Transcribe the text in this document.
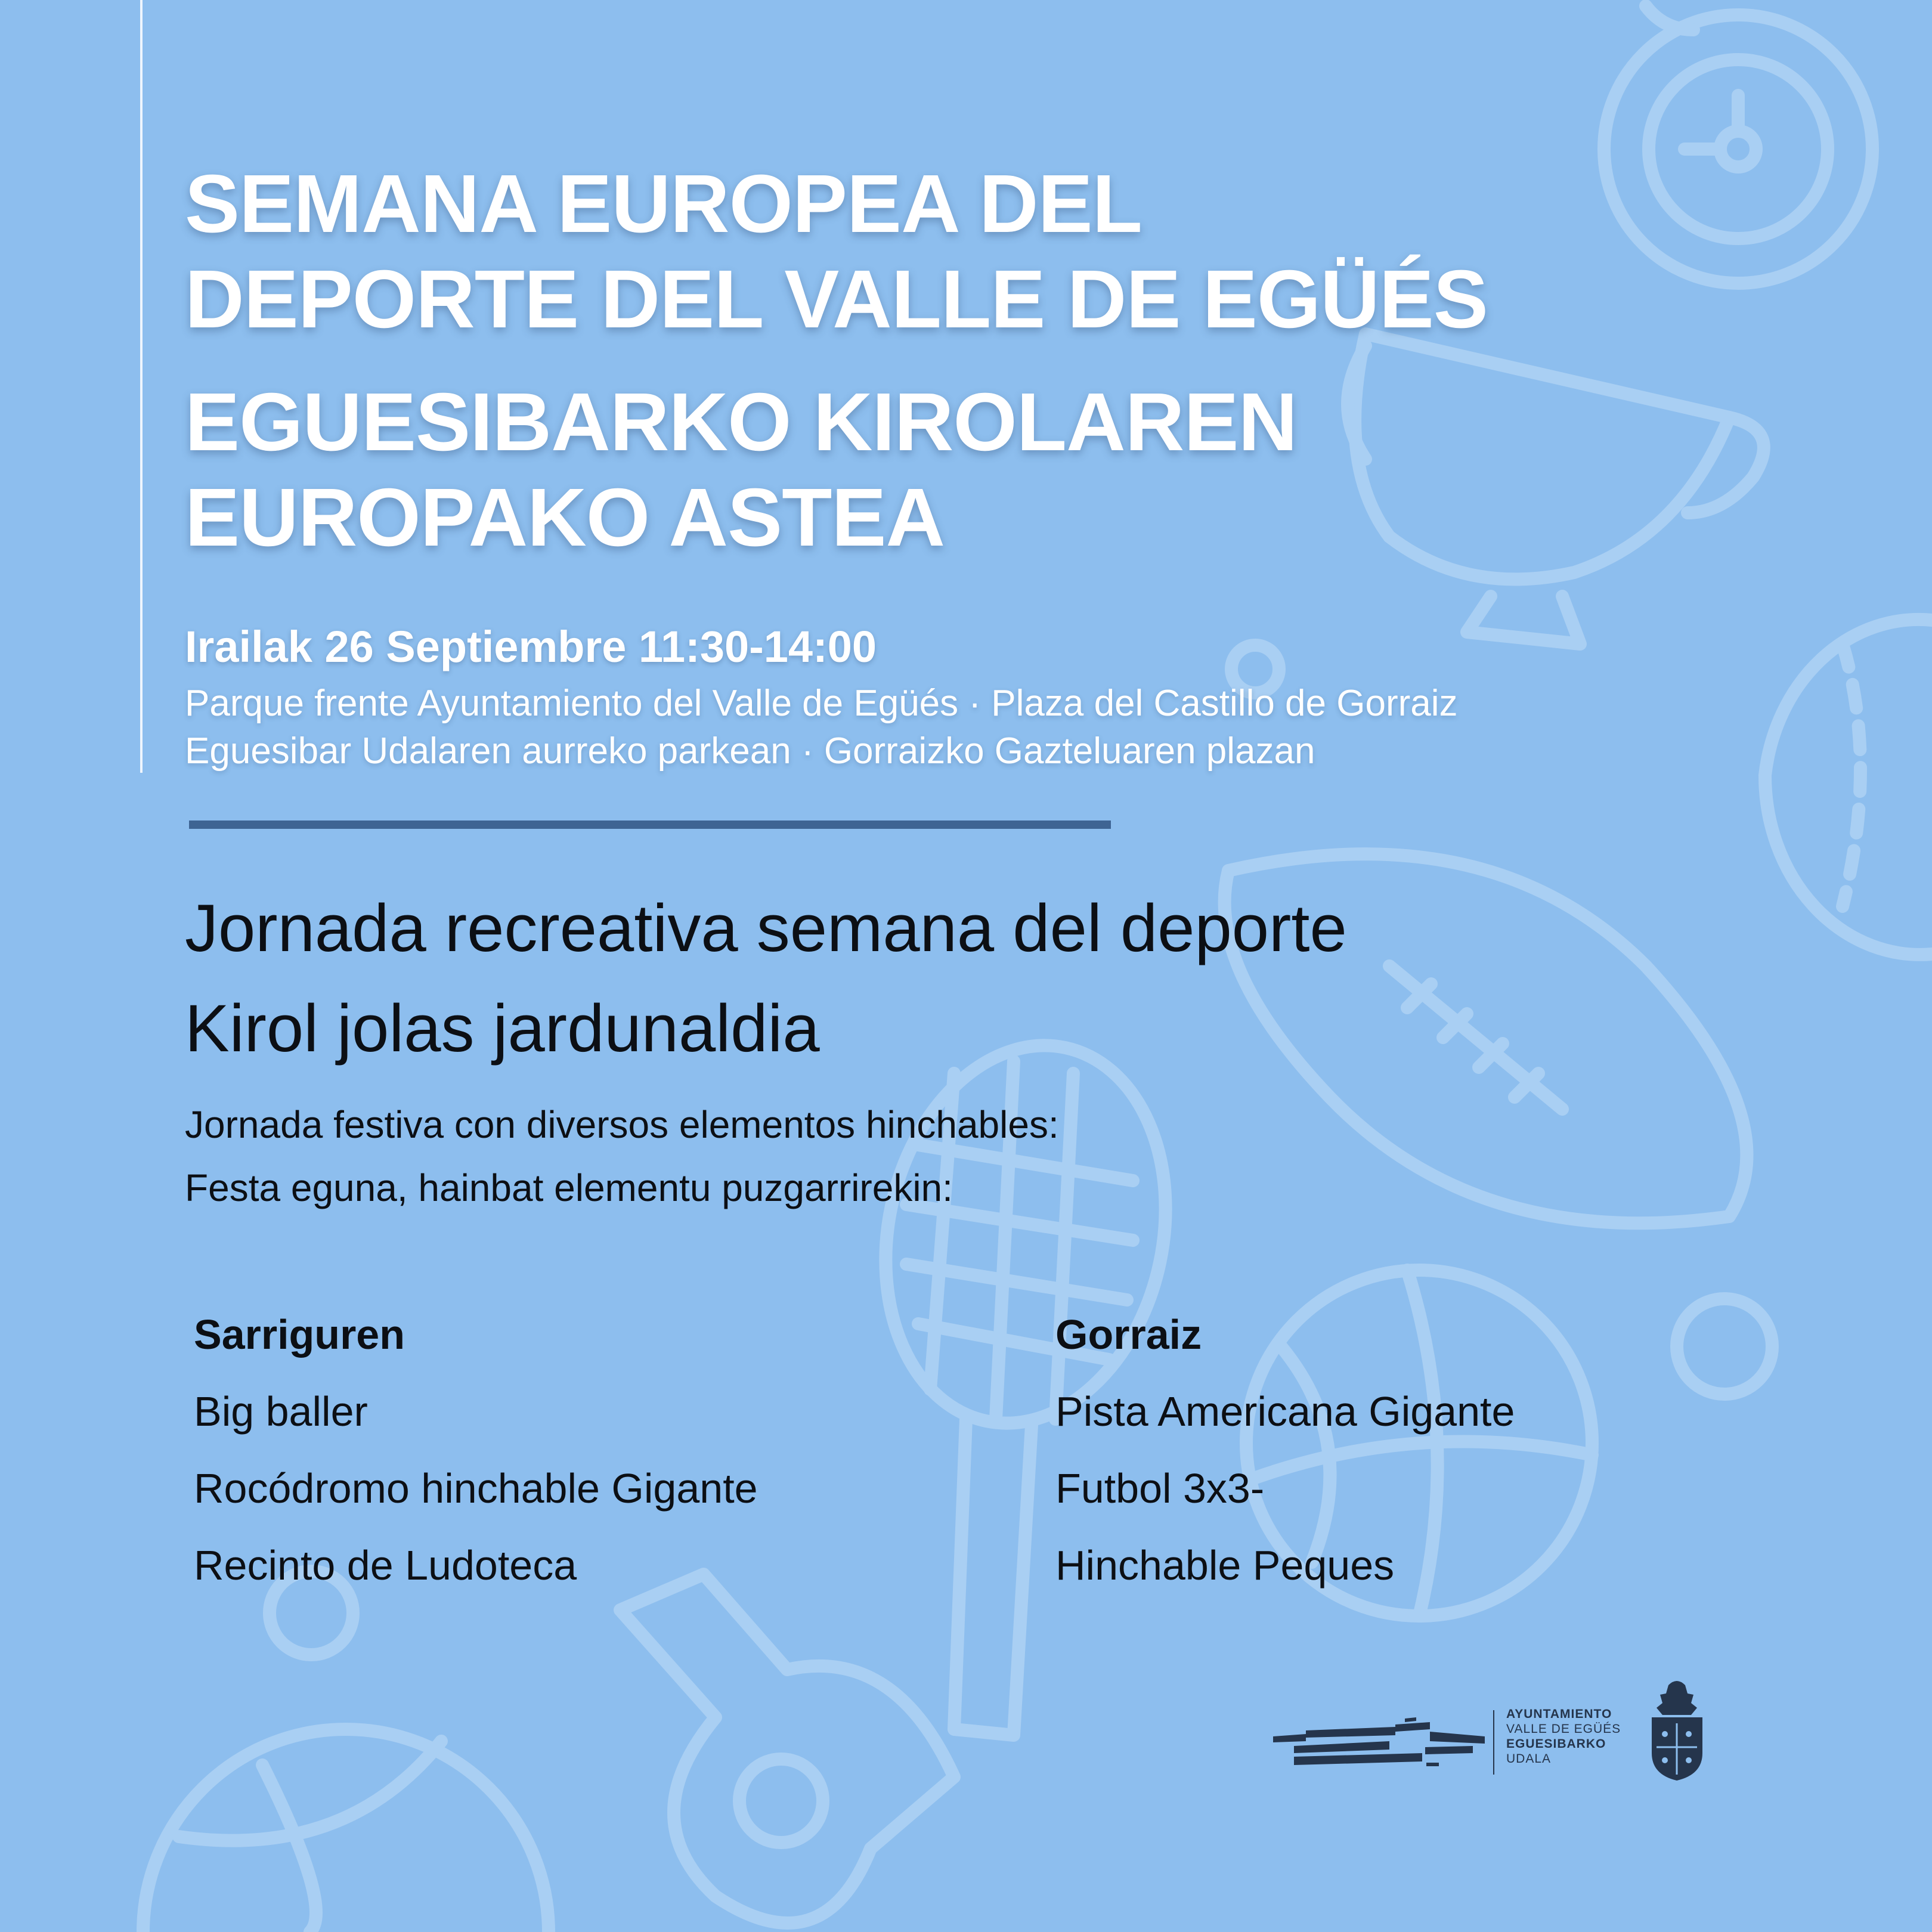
SEMANA EUROPEA DEL
DEPORTE DEL VALLE DE EGÜÉS
EGUESIBARKO KIROLAREN
EUROPAKO ASTEA
Irailak 26 Septiembre 11:30-14:00
Parque frente Ayuntamiento del Valle de Egüés · Plaza del Castillo de Gorraiz
Eguesibar Udalaren aurreko parkean · Gorraizko Gazteluaren plazan
Jornada recreativa semana del deporte
Kirol jolas jardunaldia
Jornada festiva con diversos elementos hinchables:
Festa eguna, hainbat elementu puzgarrirekin:
Sarriguren
Big baller
Rocódromo hinchable Gigante
Recinto de Ludoteca
Gorraiz
Pista Americana Gigante
Futbol 3x3-
Hinchable Peques
AYUNTAMIENTO
VALLE DE EGÜÉS
EGUESIBARKO
UDALA
